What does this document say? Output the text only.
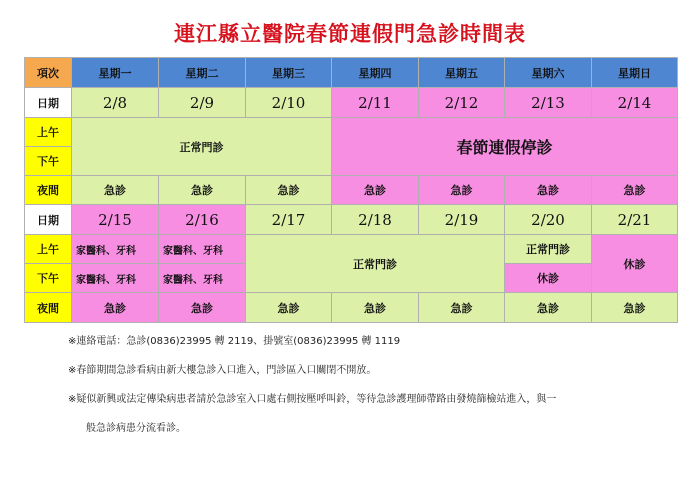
連江縣立醫院春節連假門急診時間表
項次	星期一	星期二	星期三	星期四	星期五	星期六	星期日
日期	2/8	2/9	2/10	2/11	2/12	2/13	2/14
上午	正常門診			春節連假停診			
下午							
夜間	急診	急診	急診	急診	急診	急診	急診
日期	2/15	2/16	2/17	2/18	2/19	2/20	2/21
上午	家醫科、牙科	家醫科、牙科	正常門診			正常門診	休診
下午	家醫科、牙科	家醫科、牙科				休診	
夜間	急診	急診	急診	急診	急診	急診	急診
※連絡電話：急診(0836)23995 轉 2119、掛號室(0836)23995 轉 1119
※春節期間急診看病由新大樓急診入口進入，門診區入口關閉不開放。
※疑似新興或法定傳染病患者請於急診室入口處右側按壓呼叫鈴，等待急診護理師帶路由發燒篩檢站進入，與一
般急診病患分流看診。
